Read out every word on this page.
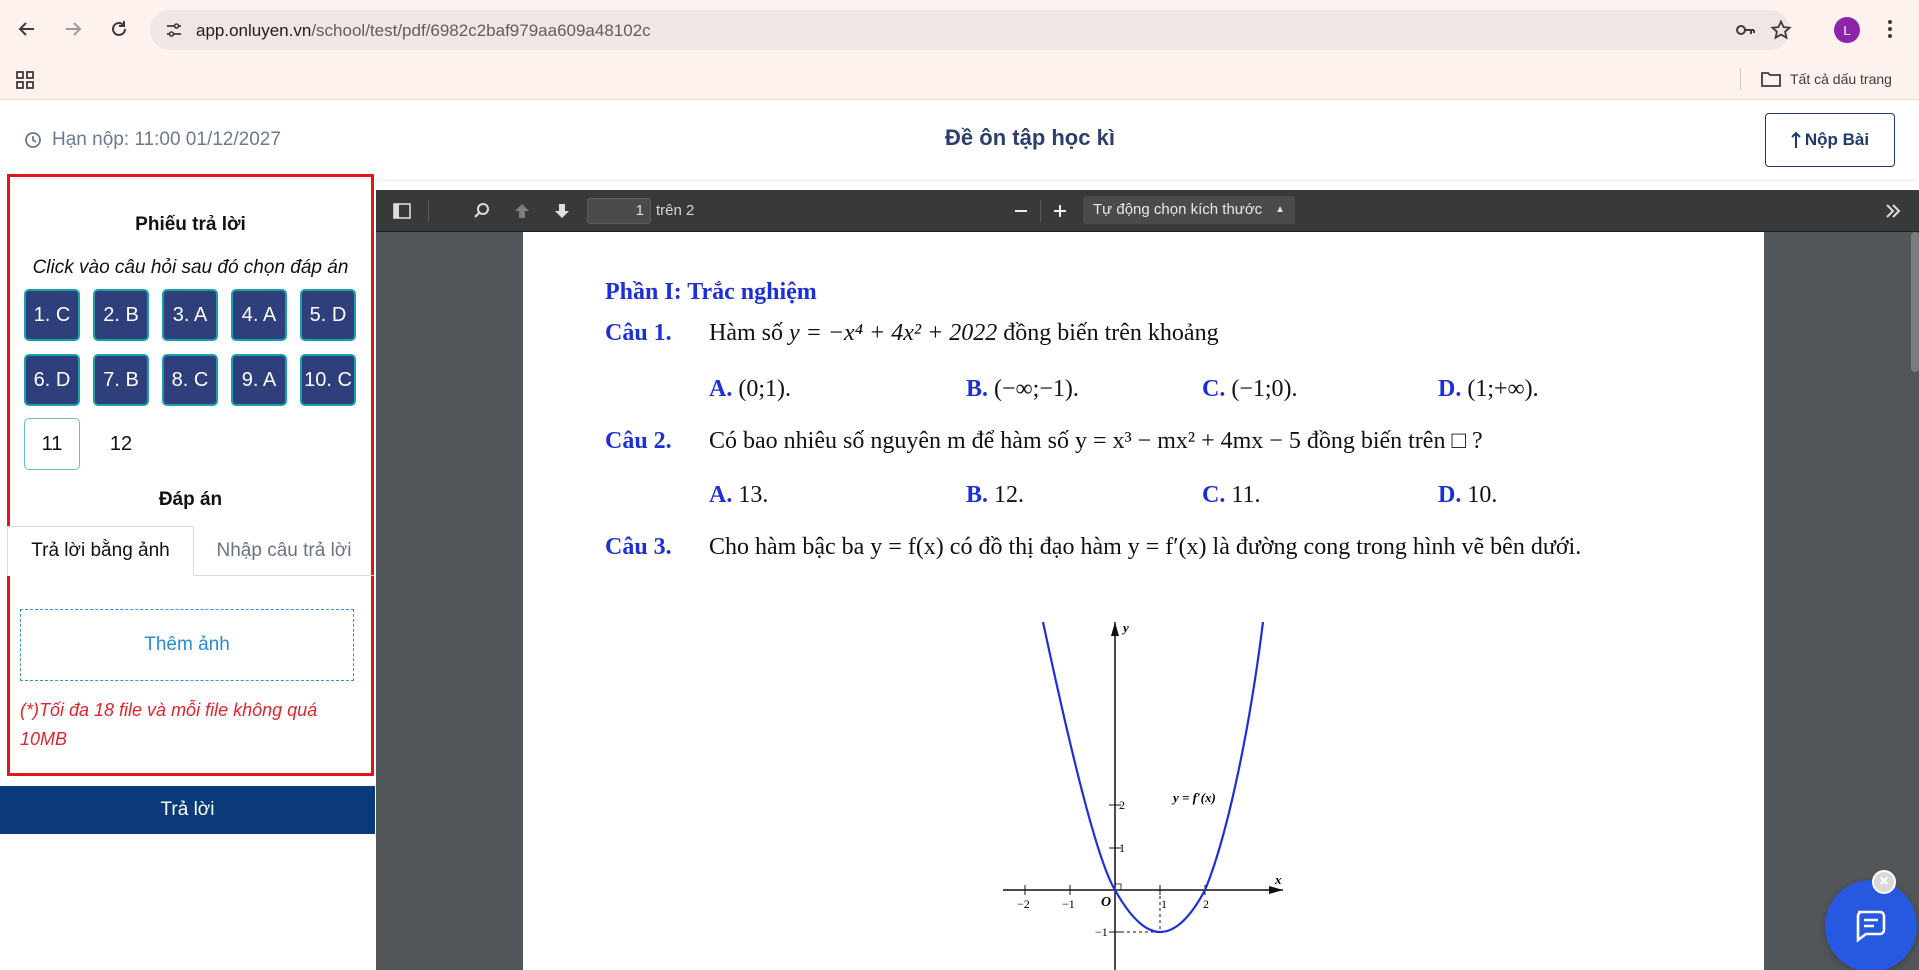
app.onluyen.vn/school/test/pdf/6982c2baf979aa609a48102c	L
Tất cả dấu trang
Hạn nộp: 11:00 01/12/2027	Đề ôn tập học kì	Nộp Bài
Phiếu trả lời
Click vào câu hỏi sau đó chọn đáp án
1. C	2. B	3. A	4. A	5. D
6. D	7. B	8. C	9. A	10. C
11	12
Đáp án
Trả lời bằng ảnh	Nhập câu trả lời
Thêm ảnh
(*)Tối đa 18 file và mỗi file không quá 10MB
Trả lời
1 trên 2	Tự động chọn kích thước ▲

Phần I: Trắc nghiệm
Câu 1. Hàm số y = −x⁴ + 4x² + 2022 đồng biến trên khoảng
A. (0;1).	B. (−∞;−1).	C. (−1;0).	D. (1;+∞).
Câu 2. Có bao nhiêu số nguyên m để hàm số y = x³ − mx² + 4mx − 5 đồng biến trên □ ?
A. 13.	B. 12.	C. 11.	D. 10.
Câu 3. Cho hàm bậc ba y = f(x) có đồ thị đạo hàm y = f′(x) là đường cong trong hình vẽ bên dưới.
y
x
O
y = f′(x)
−2	−1	1	2
2
1
−1
×
